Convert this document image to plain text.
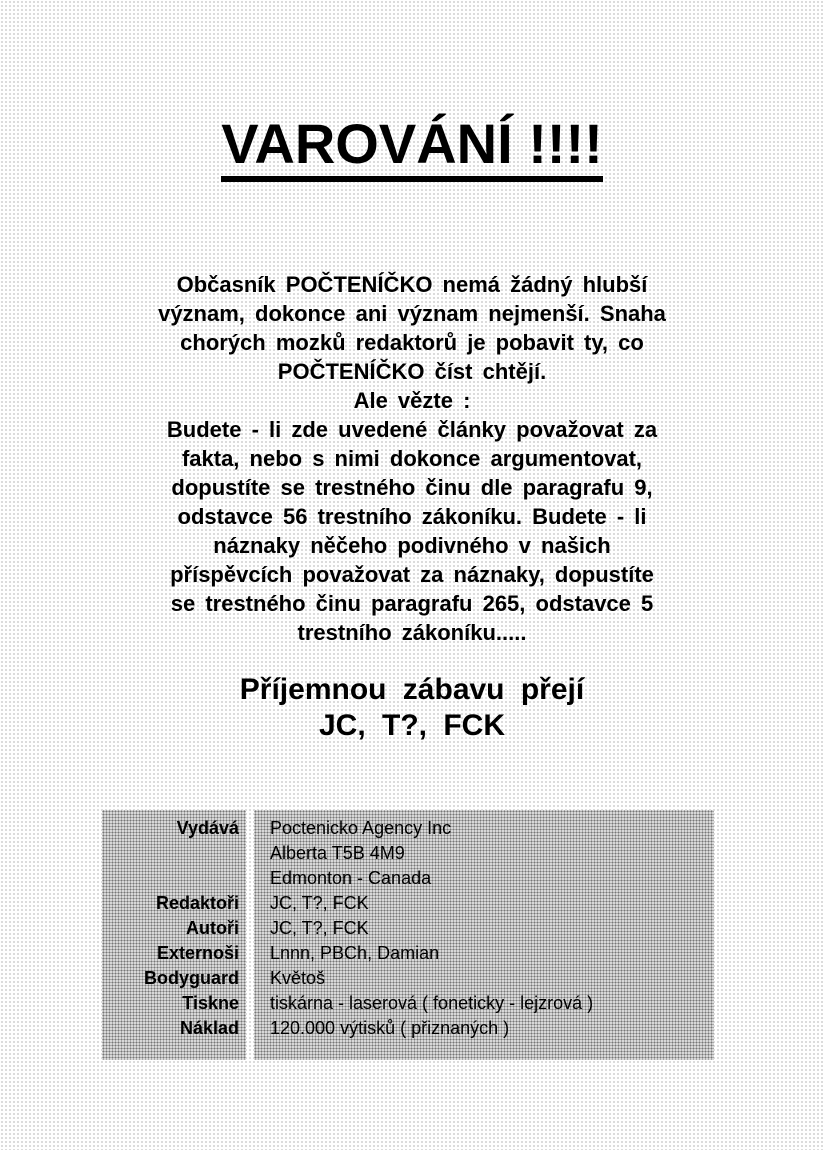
VAROVÁNÍ !!!!
Občasník POČTENÍČKO nemá žádný hlubší
význam, dokonce ani význam nejmenší. Snaha
chorých mozků redaktorů je pobavit ty, co
POČTENÍČKO číst chtějí.
Ale vězte :
Budete - li zde uvedené články považovat za
fakta, nebo s nimi dokonce argumentovat,
dopustíte se trestného činu dle paragrafu 9,
odstavce 56 trestního zákoníku. Budete - li
náznaky něčeho podivného v našich
příspěvcích považovat za náznaky, dopustíte
se trestného činu paragrafu 265, odstavce 5
trestního zákoníku.....
Příjemnou zábavu přejí
JC, T?, FCK
Vydává Poctenicko Agency Inc
Alberta T5B 4M9
Edmonton - Canada
Redaktoři JC, T?, FCK
Autoři JC, T?, FCK
Externoši Lnnn, PBCh, Damian
Bodyguard Květoš
Tiskne tiskárna - laserová ( foneticky - lejzrová )
Náklad 120.000 výtisků ( přiznaných )
